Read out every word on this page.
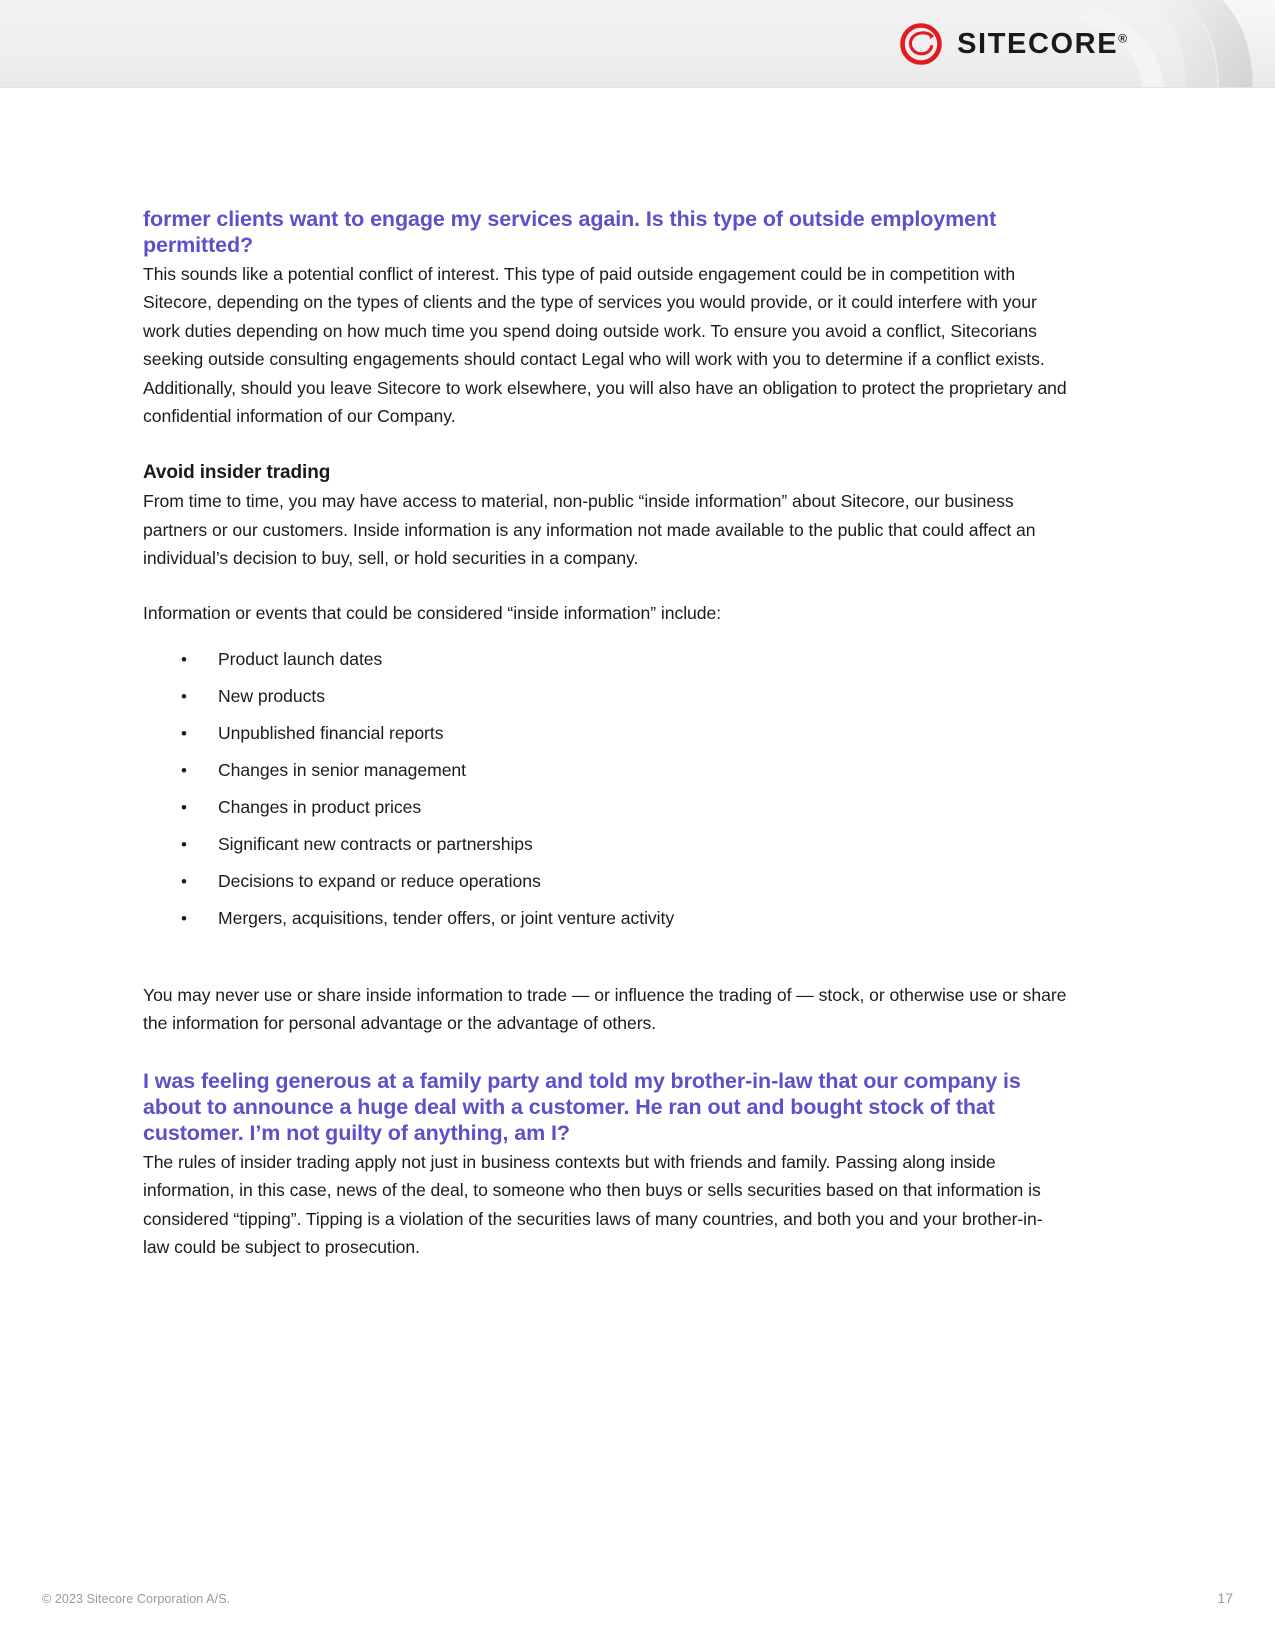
SITECORE®
former clients want to engage my services again. Is this type of outside employment permitted?

This sounds like a potential conflict of interest. This type of paid outside engagement could be in competition with Sitecore, depending on the types of clients and the type of services you would provide, or it could interfere with your work duties depending on how much time you spend doing outside work. To ensure you avoid a conflict, Sitecorians seeking outside consulting engagements should contact Legal who will work with you to determine if a conflict exists. Additionally, should you leave Sitecore to work elsewhere, you will also have an obligation to protect the proprietary and confidential information of our Company.

Avoid insider trading

From time to time, you may have access to material, non-public “inside information” about Sitecore, our business partners or our customers. Inside information is any information not made available to the public that could affect an individual’s decision to buy, sell, or hold securities in a company.

Information or events that could be considered “inside information” include:

• Product launch dates
• New products
• Unpublished financial reports
• Changes in senior management
• Changes in product prices
• Significant new contracts or partnerships
• Decisions to expand or reduce operations
• Mergers, acquisitions, tender offers, or joint venture activity

You may never use or share inside information to trade — or influence the trading of — stock, or otherwise use or share the information for personal advantage or the advantage of others.

I was feeling generous at a family party and told my brother-in-law that our company is about to announce a huge deal with a customer. He ran out and bought stock of that customer. I’m not guilty of anything, am I?

The rules of insider trading apply not just in business contexts but with friends and family. Passing along inside information, in this case, news of the deal, to someone who then buys or sells securities based on that information is considered “tipping”. Tipping is a violation of the securities laws of many countries, and both you and your brother-in-law could be subject to prosecution.

© 2023 Sitecore Corporation A/S.	17
